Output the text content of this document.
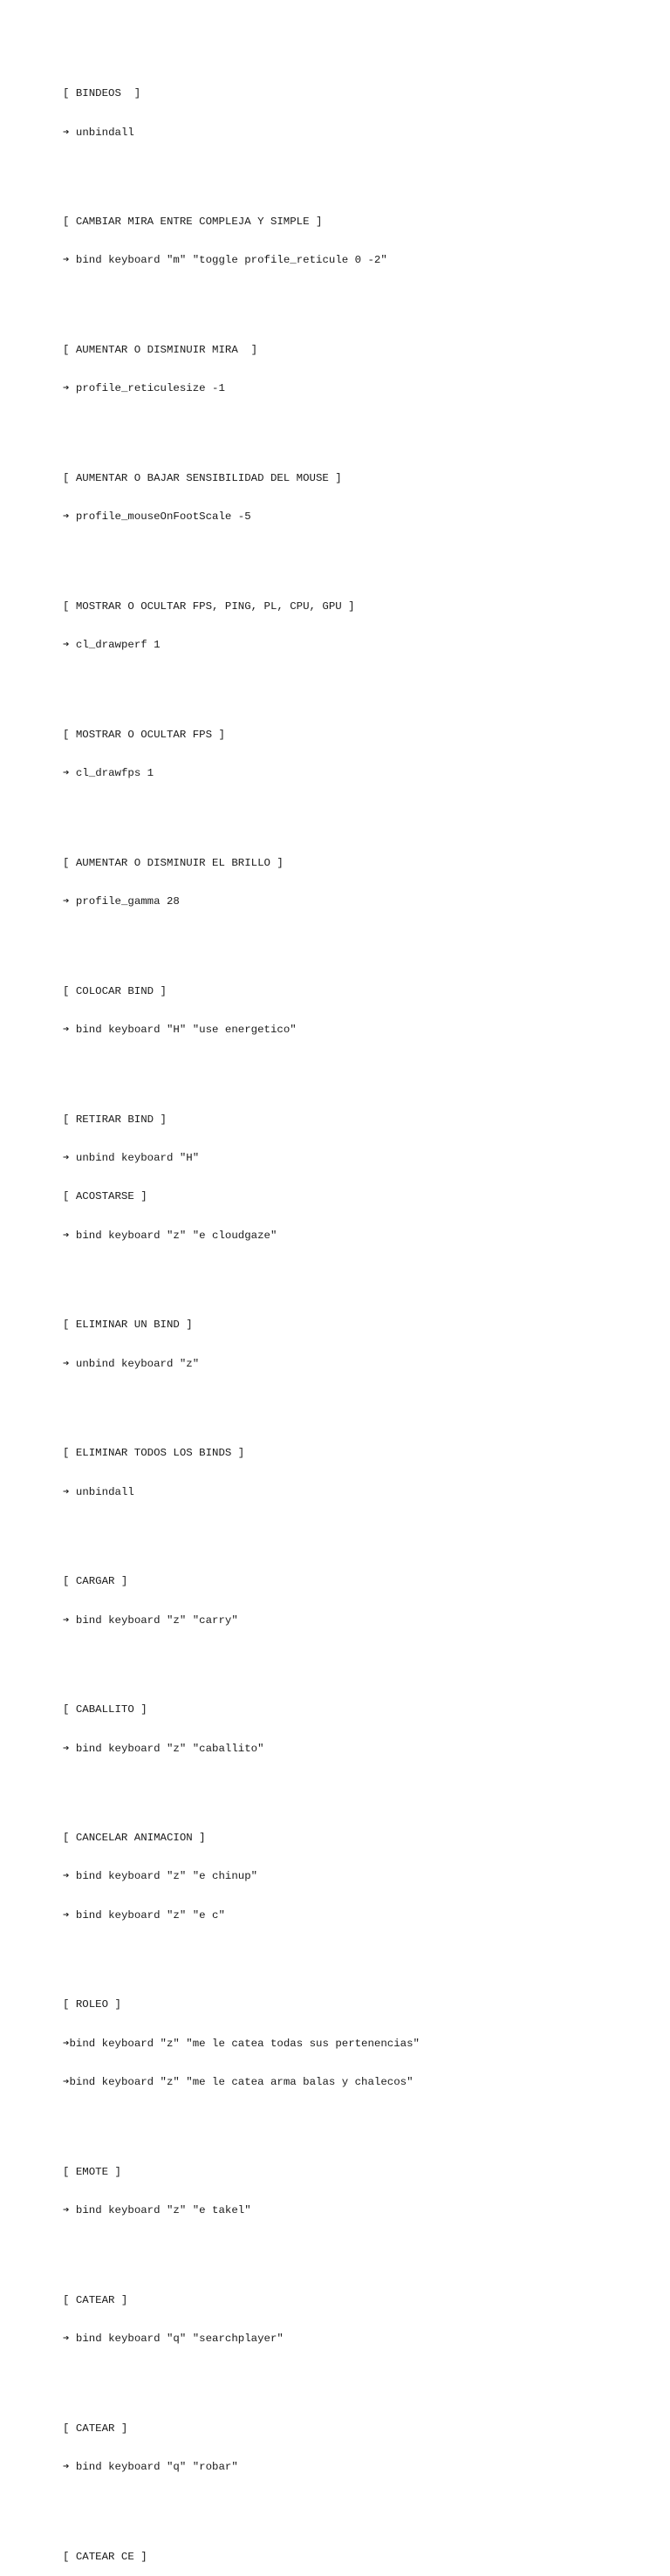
[ BINDEOS  ]

➔ unbindall

[ CAMBIAR MIRA ENTRE COMPLEJA Y SIMPLE ]

➔ bind keyboard "m" "toggle profile_reticule 0 -2"

[ AUMENTAR O DISMINUIR MIRA  ]

➔ profile_reticulesize -1

[ AUMENTAR O BAJAR SENSIBILIDAD DEL MOUSE ]

➔ profile_mouseOnFootScale -5

[ MOSTRAR O OCULTAR FPS, PING, PL, CPU, GPU ]

➔ cl_drawperf 1

[ MOSTRAR O OCULTAR FPS ]

➔ cl_drawfps 1

[ AUMENTAR O DISMINUIR EL BRILLO ]

➔ profile_gamma 28

[ COLOCAR BIND ]

➔ bind keyboard "H" "use energetico"

[ RETIRAR BIND ]

➔ unbind keyboard "H"

[ ACOSTARSE ]

➔ bind keyboard "z" "e cloudgaze"

[ ELIMINAR UN BIND ]

➔ unbind keyboard "z"

[ ELIMINAR TODOS LOS BINDS ]

➔ unbindall

[ CARGAR ]

➔ bind keyboard "z" "carry"

[ CABALLITO ]

➔ bind keyboard "z" "caballito"

[ CANCELAR ANIMACION ]

➔ bind keyboard "z" "e chinup"

➔ bind keyboard "z" "e c"

[ ROLEO ]

➔bind keyboard "z" "me le catea todas sus pertenencias"

➔bind keyboard "z" "me le catea arma balas y chalecos"

[ EMOTE ]

➔ bind keyboard "z" "e takel"

[ CATEAR ]

➔ bind keyboard "q" "searchplayer"

[ CATEAR ]

➔ bind keyboard "q" "robar"

[ CATEAR CE ]
